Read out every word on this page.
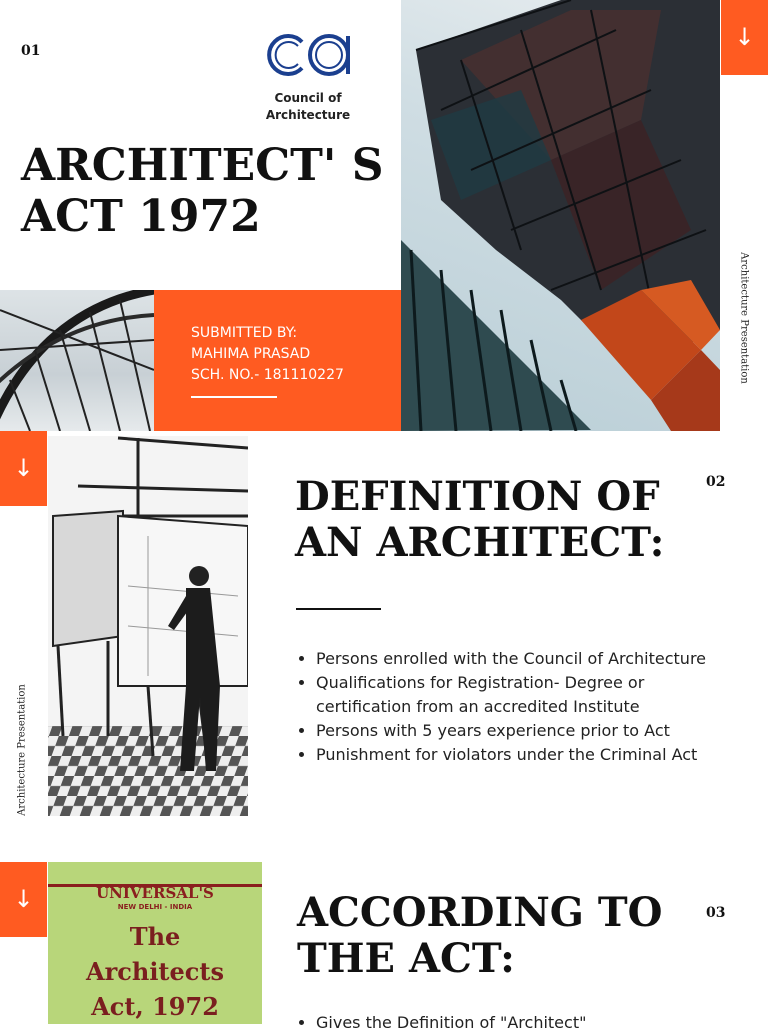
01
Council of
Architecture
ARCHITECT' S
ACT 1972
↓
Architecture Presentation
SUBMITTED BY:
MAHIMA PRASAD
SCH. NO.- 181110227
↓
Architecture Presentation
02
DEFINITION OF
AN ARCHITECT:
• Persons enrolled with the Council of Architecture
• Qualifications for Registration- Degree or certification from an accredited Institute
• Persons with 5 years experience prior to Act
• Punishment for violators under the Criminal Act
↓	UNIVERSAL'S
NEW DELHI - INDIA
The
Architects
Act, 1972
ACCORDING TO
THE ACT:
03
• Gives the Definition of "Architect"
